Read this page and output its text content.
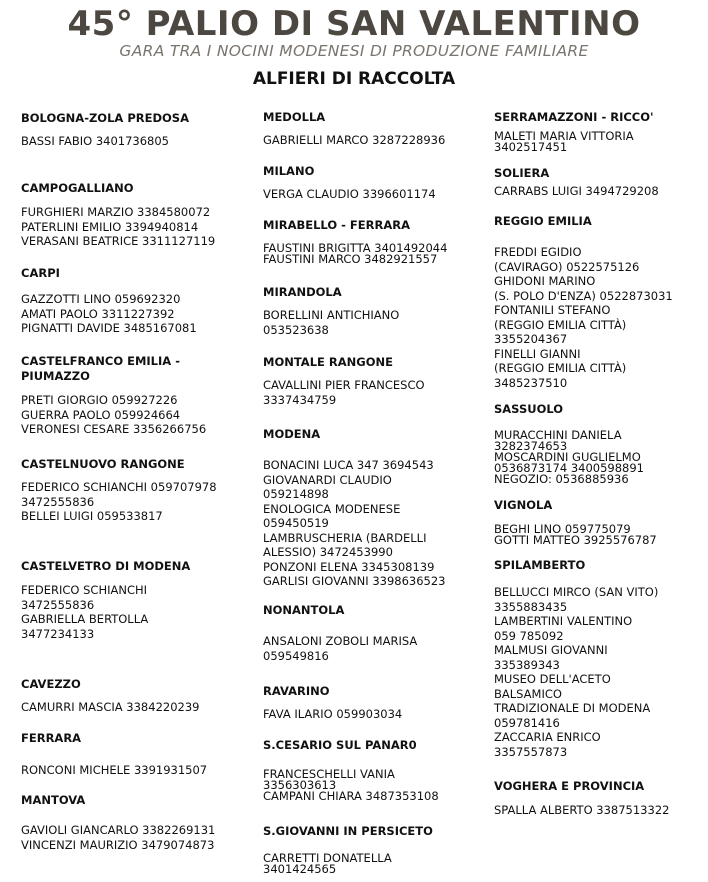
45° PALIO DI SAN VALENTINO
GARA TRA I NOCINI MODENESI DI PRODUZIONE FAMILIARE
ALFIERI DI RACCOLTA
BOLOGNA-ZOLA PREDOSA
BASSI FABIO 3401736805
CAMPOGALLIANO
FURGHIERI MARZIO 3384580072
PATERLINI EMILIO 3394940814
VERASANI BEATRICE 3311127119
CARPI
GAZZOTTI LINO 059692320
AMATI PAOLO 3311227392
PIGNATTI DAVIDE 3485167081
CASTELFRANCO EMILIA -
PIUMAZZO
PRETI GIORGIO 059927226
GUERRA PAOLO 059924664
VERONESI CESARE 3356266756
CASTELNUOVO RANGONE
FEDERICO SCHIANCHI 059707978
3472555836
BELLEI LUIGI 059533817
CASTELVETRO DI MODENA
FEDERICO SCHIANCHI
3472555836
GABRIELLA BERTOLLA
3477234133
CAVEZZO
CAMURRI MASCIA 3384220239
FERRARA
RONCONI MICHELE 3391931507
MANTOVA
GAVIOLI GIANCARLO 3382269131
VINCENZI MAURIZIO 3479074873
MEDOLLA
GABRIELLI MARCO 3287228936
MILANO
VERGA CLAUDIO 3396601174
MIRABELLO - FERRARA
FAUSTINI BRIGITTA 3401492044
FAUSTINI MARCO 3482921557
MIRANDOLA
BORELLINI ANTICHIANO
053523638
MONTALE RANGONE
CAVALLINI PIER FRANCESCO
3337434759
MODENA
BONACINI LUCA 347 3694543
GIOVANARDI CLAUDIO
059214898
ENOLOGICA MODENESE
059450519
LAMBRUSCHERIA (BARDELLI
ALESSIO) 3472453990
PONZONI ELENA 3345308139
GARLISI GIOVANNI 3398636523
NONANTOLA
ANSALONI ZOBOLI MARISA
059549816
RAVARINO
FAVA ILARIO 059903034
S.CESARIO SUL PANAR0
FRANCESCHELLI VANIA
3356303613
CAMPANI CHIARA 3487353108
S.GIOVANNI IN PERSICETO
CARRETTI DONATELLA
3401424565
SERRAMAZZONI - RICCO'
MALETI MARIA VITTORIA
3402517451
SOLIERA
CARRABS LUIGI 3494729208
REGGIO EMILIA
FREDDI EGIDIO
(CAVIRAGO) 0522575126
GHIDONI MARINO
(S. POLO D'ENZA) 0522873031
FONTANILI STEFANO
(REGGIO EMILIA CITTÀ)
3355204367
FINELLI GIANNI
(REGGIO EMILIA CITTÀ)
3485237510
SASSUOLO
MURACCHINI DANIELA
3282374653
MOSCARDINI GUGLIELMO
0536873174 3400598891
NEGOZIO: 0536885936
VIGNOLA
BEGHI LINO 059775079
GOTTI MATTEO 3925576787
SPILAMBERTO
BELLUCCI MIRCO (SAN VITO)
3355883435
LAMBERTINI VALENTINO
059 785092
MALMUSI GIOVANNI
335389343
MUSEO DELL'ACETO
BALSAMICO
TRADIZIONALE DI MODENA
059781416
ZACCARIA ENRICO
3357557873
VOGHERA E PROVINCIA
SPALLA ALBERTO 3387513322
